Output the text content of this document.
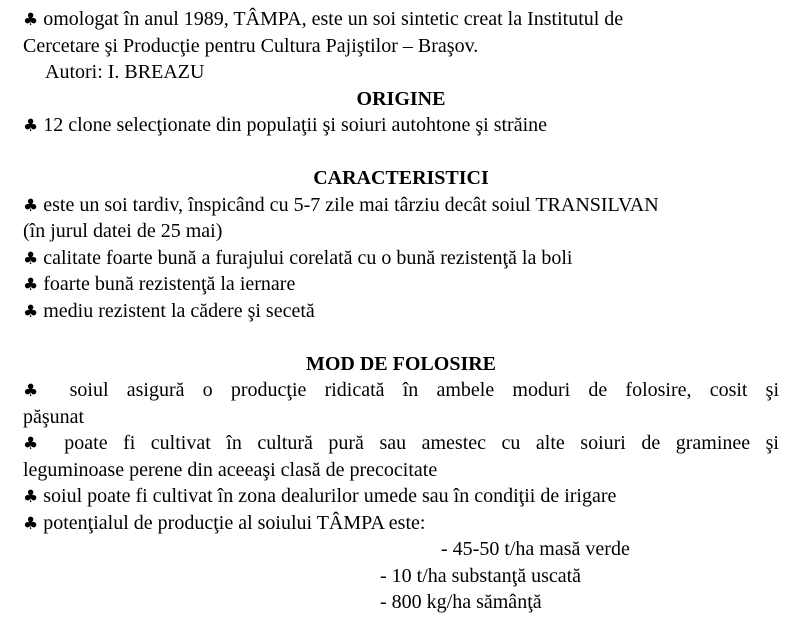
♣ omologat în anul 1989, TÂMPA, este un soi sintetic creat la Institutul de
Cercetare şi Producţie pentru Cultura Pajiştilor – Braşov.
Autori: I. BREAZU
ORIGINE
♣ 12 clone selecţionate din populaţii şi soiuri autohtone şi străine
CARACTERISTICI
♣ este un soi tardiv, înspicând cu 5-7 zile mai târziu decât soiul TRANSILVAN
(în jurul datei de 25 mai)
♣ calitate foarte bună a furajului corelată cu o bună rezistenţă la boli
♣ foarte bună rezistenţă la iernare
♣ mediu rezistent la cădere şi secetă
MOD DE FOLOSIRE
♣ soiul asigură o producţie ridicată în ambele moduri de folosire, cosit şi
păşunat
♣ poate fi cultivat în cultură pură sau amestec cu alte soiuri de graminee şi
leguminoase perene din aceeaşi clasă de precocitate
♣ soiul poate fi cultivat în zona dealurilor umede sau în condiţii de irigare
♣ potenţialul de producţie al soiului TÂMPA este:
- 45-50 t/ha masă verde
- 10 t/ha substanţă uscată
- 800 kg/ha sămânţă
